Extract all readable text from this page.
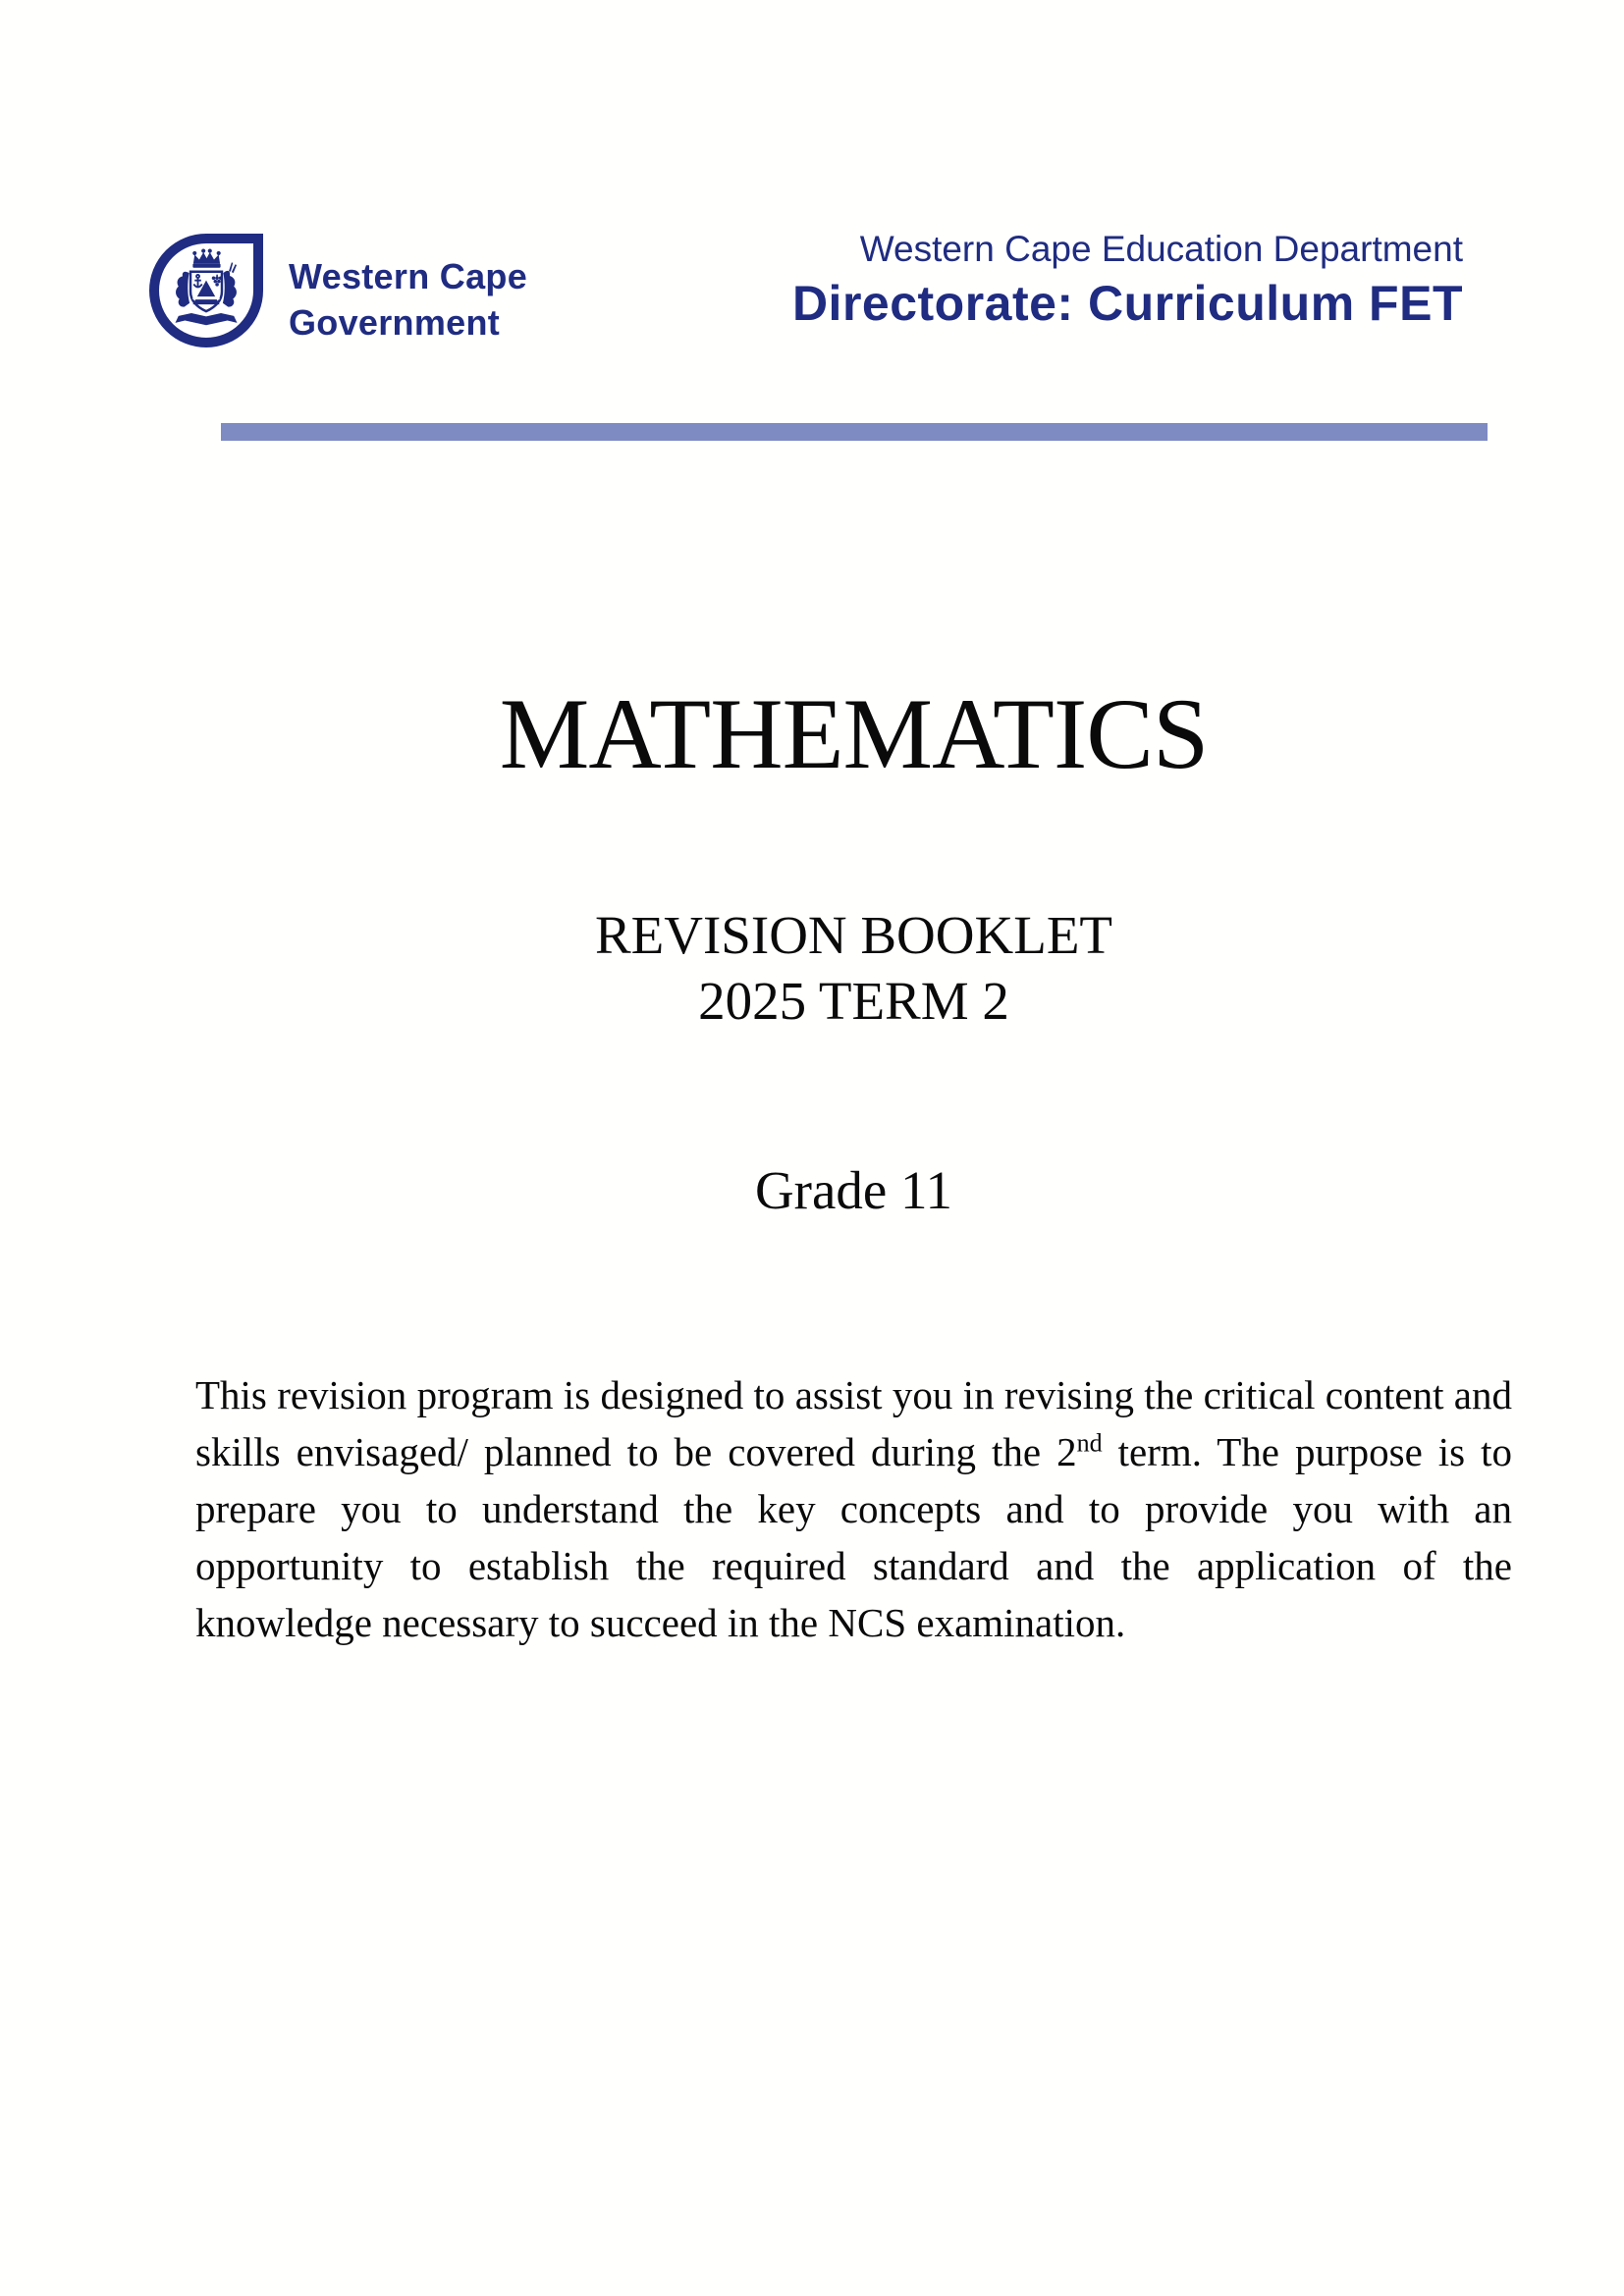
Western Cape
Government
Western Cape Education Department
Directorate: Curriculum FET
MATHEMATICS
REVISION BOOKLET
2025 TERM 2
Grade 11

This revision program is designed to assist you in revising the critical content and skills envisaged/ planned to be covered during the 2nd term. The purpose is to prepare you to understand the key concepts and to provide you with an opportunity to establish the required standard and the application of the knowledge necessary to succeed in the NCS examination.
